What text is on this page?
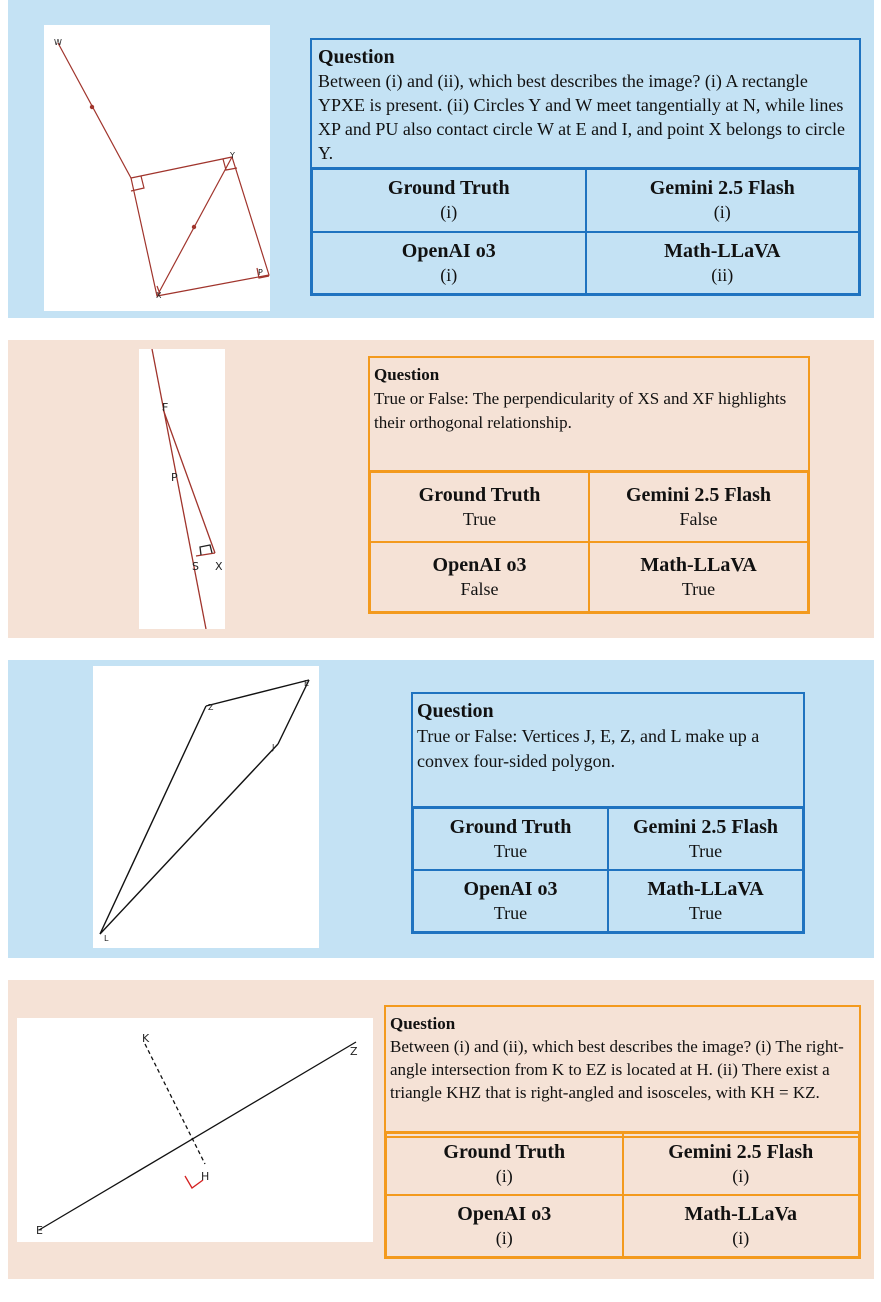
W
Y
P
X
Question
Between (i) and (ii), which best describes the image? (i) A rectangle YPXE is present. (ii) Circles Y and W meet tangentially at N, while lines XP and PU also contact circle W at E and I, and point X belongs to circle Y.
Ground Truth
(i)
Gemini 2.5 Flash
(i)
OpenAI o3
(i)
Math-LLaVA
(ii)
F
P
S X
Question
True or False: The perpendicularity of XS and XF highlights their orthogonal relationship.
Ground Truth
True
Gemini 2.5 Flash
False
OpenAI o3
False
Math-LLaVA
True
Z
E
J
L
Question
True or False: Vertices J, E, Z, and L make up a convex four-sided polygon.
Ground Truth
True
Gemini 2.5 Flash
True
OpenAI o3
True
Math-LLaVA
True
K
Z
H
E
Question
Between (i) and (ii), which best describes the image? (i) The right-angle intersection from K to EZ is located at H. (ii) There exist a triangle KHZ that is right-angled and isosceles, with KH = KZ.
Ground Truth
(i)
Gemini 2.5 Flash
(i)
OpenAI o3
(i)
Math-LLaVa
(i)
